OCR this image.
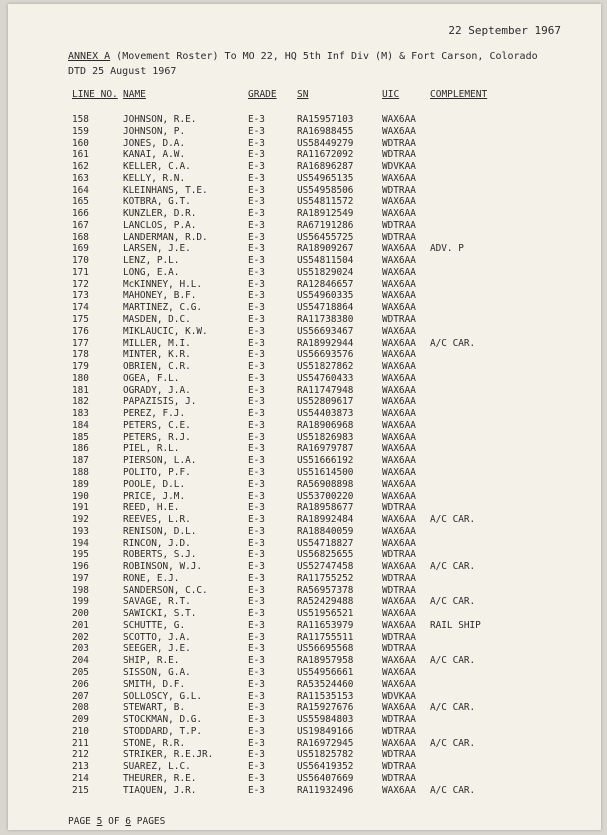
22 September 1967
ANNEX A (Movement Roster) To MO 22, HQ 5th Inf Div (M) & Fort Carson, Colorado
DTD 25 August 1967
LINE NO. NAME	GRADE SN	UIC	COMPLEMENT
158	JOHNSON, R.E.	E-3	RA15957103	WAX6AA
159	JOHNSON, P.	E-3	RA16988455	WAX6AA
160	JONES, D.A.	E-3	US58449279	WDTRAA
161	KANAI, A.W.	E-3	RA11672092	WDTRAA
162	KELLER, C.A.	E-3	RA16896287	WDVKAA
163	KELLY, R.N.	E-3	US54965135	WAX6AA
164	KLEINHANS, T.E.	E-3	US54958506	WDTRAA
165	KOTBRA, G.T.	E-3	US54811572	WAX6AA
166	KUNZLER, D.R.	E-3	RA18912549	WAX6AA
167	LANCLOS, P.A.	E-3	RA67191286	WDTRAA
168	LANDERMAN, R.D.	E-3	US56455725	WDTRAA
169	LARSEN, J.E.	E-3	RA18909267	WAX6AA ADV. P
170	LENZ, P.L.	E-3	US54811504	WAX6AA
171	LONG, E.A.	E-3	US51829024	WAX6AA
172	McKINNEY, H.L.	E-3	RA12846657	WAX6AA
173	MAHONEY, B.F.	E-3	US54960335	WAX6AA
174	MARTINEZ, C.G.	E-3	US54718864	WAX6AA
175	MASDEN, D.C.	E-3	RA11738380	WDTRAA
176	MIKLAUCIC, K.W.	E-3	US56693467	WAX6AA
177	MILLER, M.I.	E-3	RA18992944	WAX6AA A/C CAR.
178	MINTER, K.R.	E-3	US56693576	WAX6AA
179	OBRIEN, C.R.	E-3	US51827862	WAX6AA
180	OGEA, F.L.	E-3	US54760433	WAX6AA
181	OGRADY, J.A.	E-3	RA11747948	WAX6AA
182	PAPAZISIS, J.	E-3	US52809617	WAX6AA
183	PEREZ, F.J.	E-3	US54403873	WAX6AA
184	PETERS, C.E.	E-3	RA18906968	WAX6AA
185	PETERS, R.J.	E-3	US51826983	WAX6AA
186	PIEL, R.L.	E-3	RA16979787	WAX6AA
187	PIERSON, L.A.	E-3	US51666192	WAX6AA
188	POLITO, P.F.	E-3	US51614500	WAX6AA
189	POOLE, D.L.	E-3	RA56908898	WAX6AA
190	PRICE, J.M.	E-3	US53700220	WAX6AA
191	REED, H.E.	E-3	RA18958677	WDTRAA
192	REEVES, L.R.	E-3	RA18992484	WAX6AA A/C CAR.
193	RENISON, D.L.	E-3	RA18840059	WAX6AA
194	RINCON, J.D.	E-3	US54718827	WAX6AA
195	ROBERTS, S.J.	E-3	US56825655	WDTRAA
196	ROBINSON, W.J.	E-3	US52747458	WAX6AA A/C CAR.
197	RONE, E.J.	E-3	RA11755252	WDTRAA
198	SANDERSON, C.C.	E-3	RA56957378	WDTRAA
199	SAVAGE, R.T.	E-3	RA52429488	WAX6AA A/C CAR.
200	SAWICKI, S.T.	E-3	US51956521	WAX6AA
201	SCHUTTE, G.	E-3	RA11653979	WAX6AA RAIL SHIP
202	SCOTTO, J.A.	E-3	RA11755511	WDTRAA
203	SEEGER, J.E.	E-3	US56695568	WDTRAA
204	SHIP, R.E.	E-3	RA18957958	WAX6AA A/C CAR.
205	SISSON, G.A.	E-3	US54956661	WAX6AA
206	SMITH, D.F.	E-3	RA53524460	WAX6AA
207	SOLLOSCY, G.L.	E-3	RA11535153	WDVKAA
208	STEWART, B.	E-3	RA15927676	WAX6AA A/C CAR.
209	STOCKMAN, D.G.	E-3	US55984803	WDTRAA
210	STODDARD, T.P.	E-3	US19849166	WDTRAA
211	STONE, R.R.	E-3	RA16972945	WAX6AA A/C CAR.
212	STRIKER, R.E.JR.	E-3	US51825782	WDTRAA
213	SUAREZ, L.C.	E-3	US56419352	WDTRAA
214	THEURER, R.E.	E-3	US56407669	WDTRAA
215	TIAQUEN, J.R.	E-3	RA11932496	WAX6AA A/C CAR.
PAGE 5 OF 6 PAGES
